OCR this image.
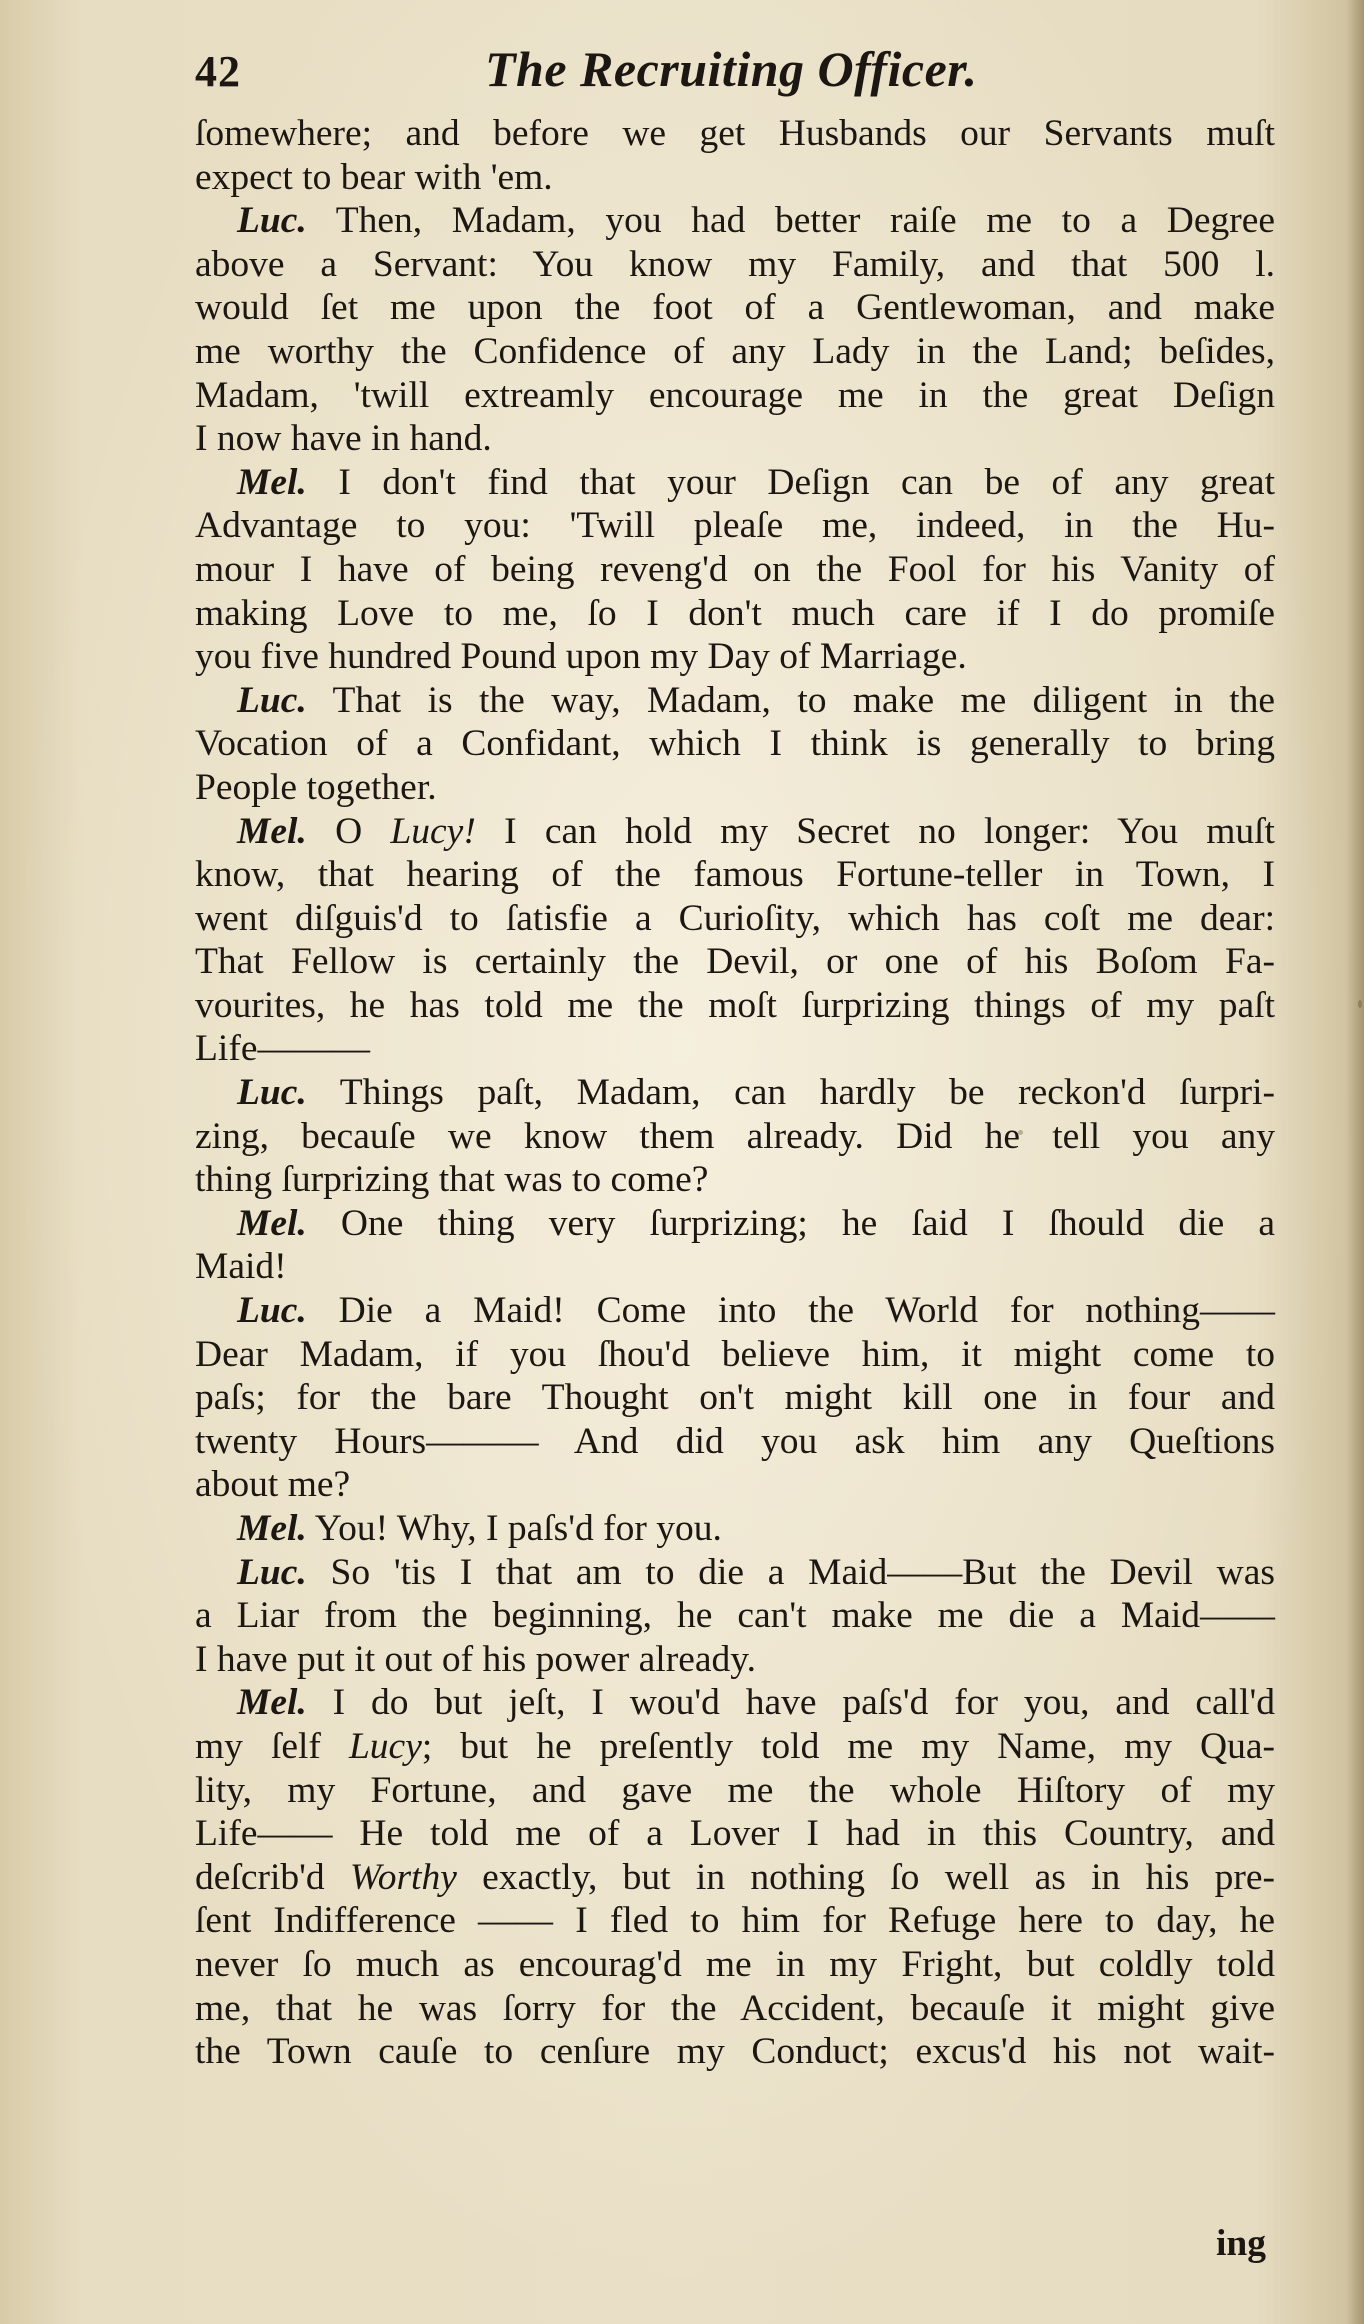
42	The Recruiting Officer.
ſomewhere; and before we get Husbands our Servants muſt
expect to bear with 'em.
Luc. Then, Madam, you had better raiſe me to a Degree
above a Servant: You know my Family, and that 500 l.
would ſet me upon the foot of a Gentlewoman, and make
me worthy the Confidence of any Lady in the Land; beſides,
Madam, 'twill extreamly encourage me in the great Deſign
I now have in hand.
Mel. I don't find that your Deſign can be of any great
Advantage to you: 'Twill pleaſe me, indeed, in the Hu-
mour I have of being reveng'd on the Fool for his Vanity of
making Love to me, ſo I don't much care if I do promiſe
you five hundred Pound upon my Day of Marriage.
Luc. That is the way, Madam, to make me diligent in the
Vocation of a Confidant, which I think is generally to bring
People together.
Mel. O Lucy! I can hold my Secret no longer: You muſt
know, that hearing of the famous Fortune-teller in Town, I
went diſguis'd to ſatisfie a Curioſity, which has coſt me dear:
That Fellow is certainly the Devil, or one of his Boſom Fa-
vourites, he has told me the moſt ſurprizing things of my paſt
Life———
Luc. Things paſt, Madam, can hardly be reckon'd ſurpri-
zing, becauſe we know them already. Did he tell you any
thing ſurprizing that was to come?
Mel. One thing very ſurprizing; he ſaid I ſhould die a
Maid!
Luc. Die a Maid! Come into the World for nothing——
Dear Madam, if you ſhou'd believe him, it might come to
paſs; for the bare Thought on't might kill one in four and
twenty Hours——— And did you ask him any Queſtions
about me?
Mel. You! Why, I paſs'd for you.
Luc. So 'tis I that am to die a Maid——But the Devil was
a Liar from the beginning, he can't make me die a Maid——
I have put it out of his power already.
Mel. I do but jeſt, I wou'd have paſs'd for you, and call'd
my ſelf Lucy; but he preſently told me my Name, my Qua-
lity, my Fortune, and gave me the whole Hiſtory of my
Life—— He told me of a Lover I had in this Country, and
deſcrib'd Worthy exactly, but in nothing ſo well as in his pre-
ſent Indifference —— I fled to him for Refuge here to day, he
never ſo much as encourag'd me in my Fright, but coldly told
me, that he was ſorry for the Accident, becauſe it might give
the Town cauſe to cenſure my Conduct; excus'd his not wait-
ing
